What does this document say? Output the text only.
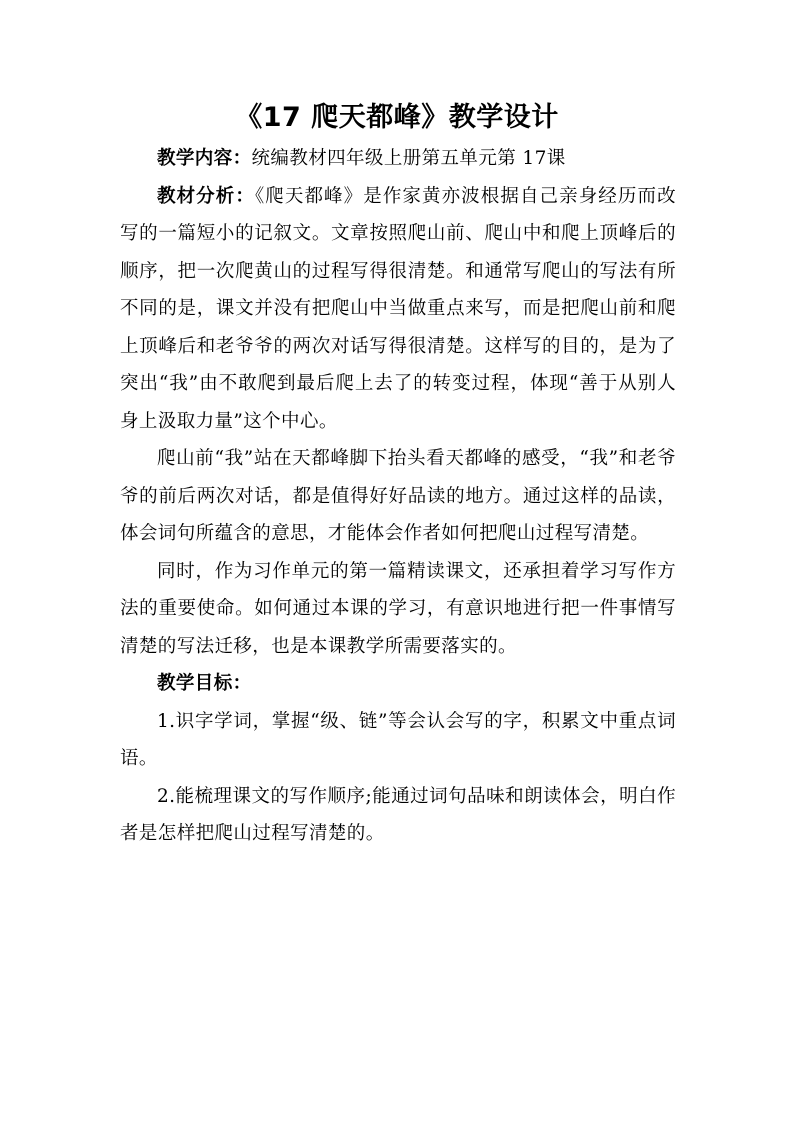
《17 爬天都峰》教学设计

教学内容：统编教材四年级上册第五单元第 17课

教材分析：《爬天都峰》是作家黄亦波根据自己亲身经历而改写的一篇短小的记叙文。文章按照爬山前、爬山中和爬上顶峰后的顺序，把一次爬黄山的过程写得很清楚。和通常写爬山的写法有所不同的是，课文并没有把爬山中当做重点来写，而是把爬山前和爬上顶峰后和老爷爷的两次对话写得很清楚。这样写的目的，是为了突出“我”由不敢爬到最后爬上去了的转变过程，体现“善于从别人身上汲取力量”这个中心。

爬山前“我”站在天都峰脚下抬头看天都峰的感受，“我”和老爷爷的前后两次对话，都是值得好好品读的地方。通过这样的品读，体会词句所蕴含的意思，才能体会作者如何把爬山过程写清楚。

同时，作为习作单元的第一篇精读课文，还承担着学习写作方法的重要使命。如何通过本课的学习，有意识地进行把一件事情写清楚的写法迁移，也是本课教学所需要落实的。

教学目标：

1.识字学词，掌握“级、链”等会认会写的字，积累文中重点词语。

2.能梳理课文的写作顺序;能通过词句品味和朗读体会，明白作者是怎样把爬山过程写清楚的。
